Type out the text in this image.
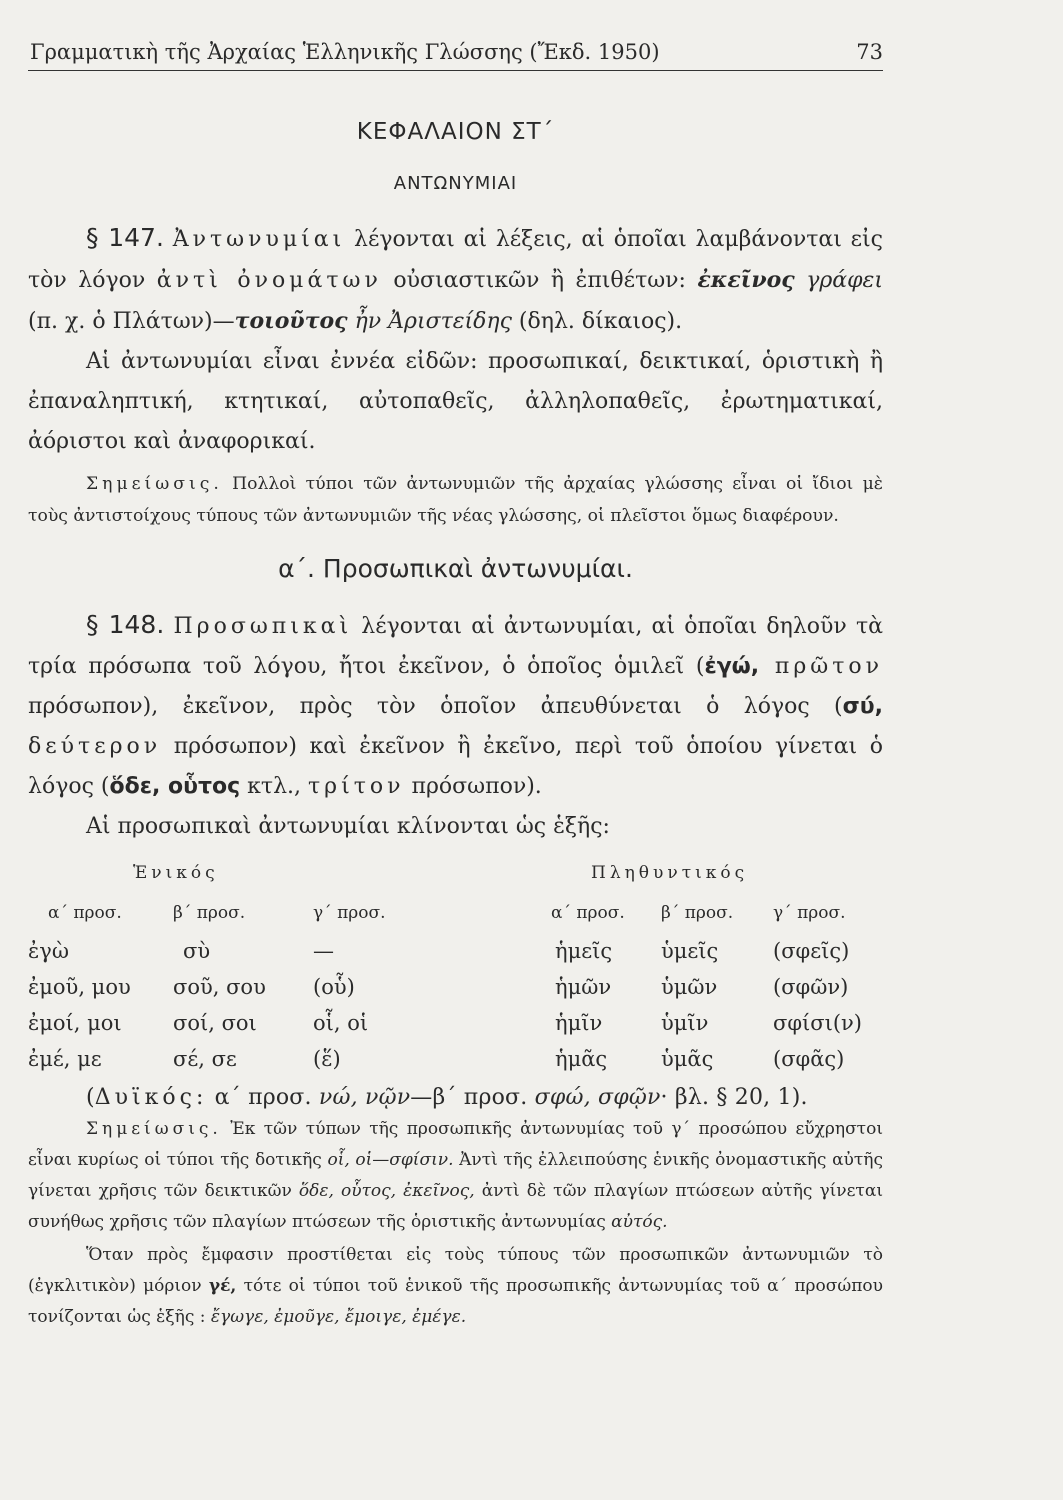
Γραμματικὴ τῆς Ἀρχαίας Ἑλληνικῆς Γλώσσης (Ἔκδ. 1950)	73
ΚΕΦΑΛΑΙΟΝ ΣΤ΄
ΑΝΤΩΝΥΜΙΑΙ

§ 147. Ἀντωνυμίαι λέγονται αἱ λέξεις, αἱ ὁποῖαι λαμβάνονται εἰς τὸν λόγον ἀντὶ ὀνομάτων οὐσιαστικῶν ἢ ἐπιθέτων: ἐκεῖνος γράφει (π. χ. ὁ Πλάτων)—τοιοῦτος ἦν Ἀριστείδης (δηλ. δίκαιος).

Αἱ ἀντωνυμίαι εἶναι ἐννέα εἰδῶν: προσωπικαί, δεικτικαί, ὁριστικὴ ἢ ἐπαναληπτική, κτητικαί, αὐτοπαθεῖς, ἀλληλοπαθεῖς, ἐρωτηματικαί, ἀόριστοι καὶ ἀναφορικαί.

Σημείωσις. Πολλοὶ τύποι τῶν ἀντωνυμιῶν τῆς ἀρχαίας γλώσσης εἶναι οἱ ἴδιοι μὲ τοὺς ἀντιστοίχους τύπους τῶν ἀντωνυμιῶν τῆς νέας γλώσσης, οἱ πλεῖστοι ὅμως διαφέρουν.

α΄. Προσωπικαὶ ἀντωνυμίαι.

§ 148. Προσωπικαὶ λέγονται αἱ ἀντωνυμίαι, αἱ ὁποῖαι δηλοῦν τὰ τρία πρόσωπα τοῦ λόγου, ἤτοι ἐκεῖνον, ὁ ὁποῖος ὁμιλεῖ (ἐγώ, πρῶτον πρόσωπον), ἐκεῖνον, πρὸς τὸν ὁποῖον ἀπευθύνεται ὁ λόγος (σύ, δεύτερον πρόσωπον) καὶ ἐκεῖνον ἢ ἐκεῖνο, περὶ τοῦ ὁποίου γίνεται ὁ λόγος (ὅδε, οὗτος κτλ., τρίτον πρόσωπον).

Αἱ προσωπικαὶ ἀντωνυμίαι κλίνονται ὡς ἑξῆς:

Ἑνικός			Πληθυντικός		
α΄ προσ.	β΄ προσ.	γ΄ προσ.	α΄ προσ.	β΄ προσ.	γ΄ προσ.
ἐγὼ	σὺ	—	ἡμεῖς	ὑμεῖς	(σφεῖς)
ἐμοῦ, μου	σοῦ, σου	(οὗ)	ἡμῶν	ὑμῶν	(σφῶν)
ἐμοί, μοι	σοί, σοι	οἷ, οἱ	ἡμῖν	ὑμῖν	σφίσι(ν)
ἐμέ, με	σέ, σε	(ἕ)	ἡμᾶς	ὑμᾶς	(σφᾶς)

(Δυϊκός: α΄ προσ. νώ, νῷν—β΄ προσ. σφώ, σφῷν· βλ. § 20, 1).

Σημείωσις. Ἐκ τῶν τύπων τῆς προσωπικῆς ἀντωνυμίας τοῦ γ΄ προσώπου εὔχρηστοι εἶναι κυρίως οἱ τύποι τῆς δοτικῆς οἷ, οἱ—σφίσιν. Ἀντὶ τῆς ἐλλειπούσης ἑνικῆς ὀνομαστικῆς αὐτῆς γίνεται χρῆσις τῶν δεικτικῶν ὅδε, οὗτος, ἐκεῖνος, ἀντὶ δὲ τῶν πλαγίων πτώσεων αὐτῆς γίνεται συνήθως χρῆσις τῶν πλαγίων πτώσεων τῆς ὁριστικῆς ἀντωνυμίας αὐτός.

Ὅταν πρὸς ἔμφασιν προστίθεται εἰς τοὺς τύπους τῶν προσωπικῶν ἀντωνυμιῶν τὸ (ἐγκλιτικὸν) μόριον γέ, τότε οἱ τύποι τοῦ ἑνικοῦ τῆς προσωπικῆς ἀντωνυμίας τοῦ α΄ προσώπου τονίζονται ὡς ἑξῆς : ἔγωγε, ἐμοῦγε, ἔμοιγε, ἐμέγε.
